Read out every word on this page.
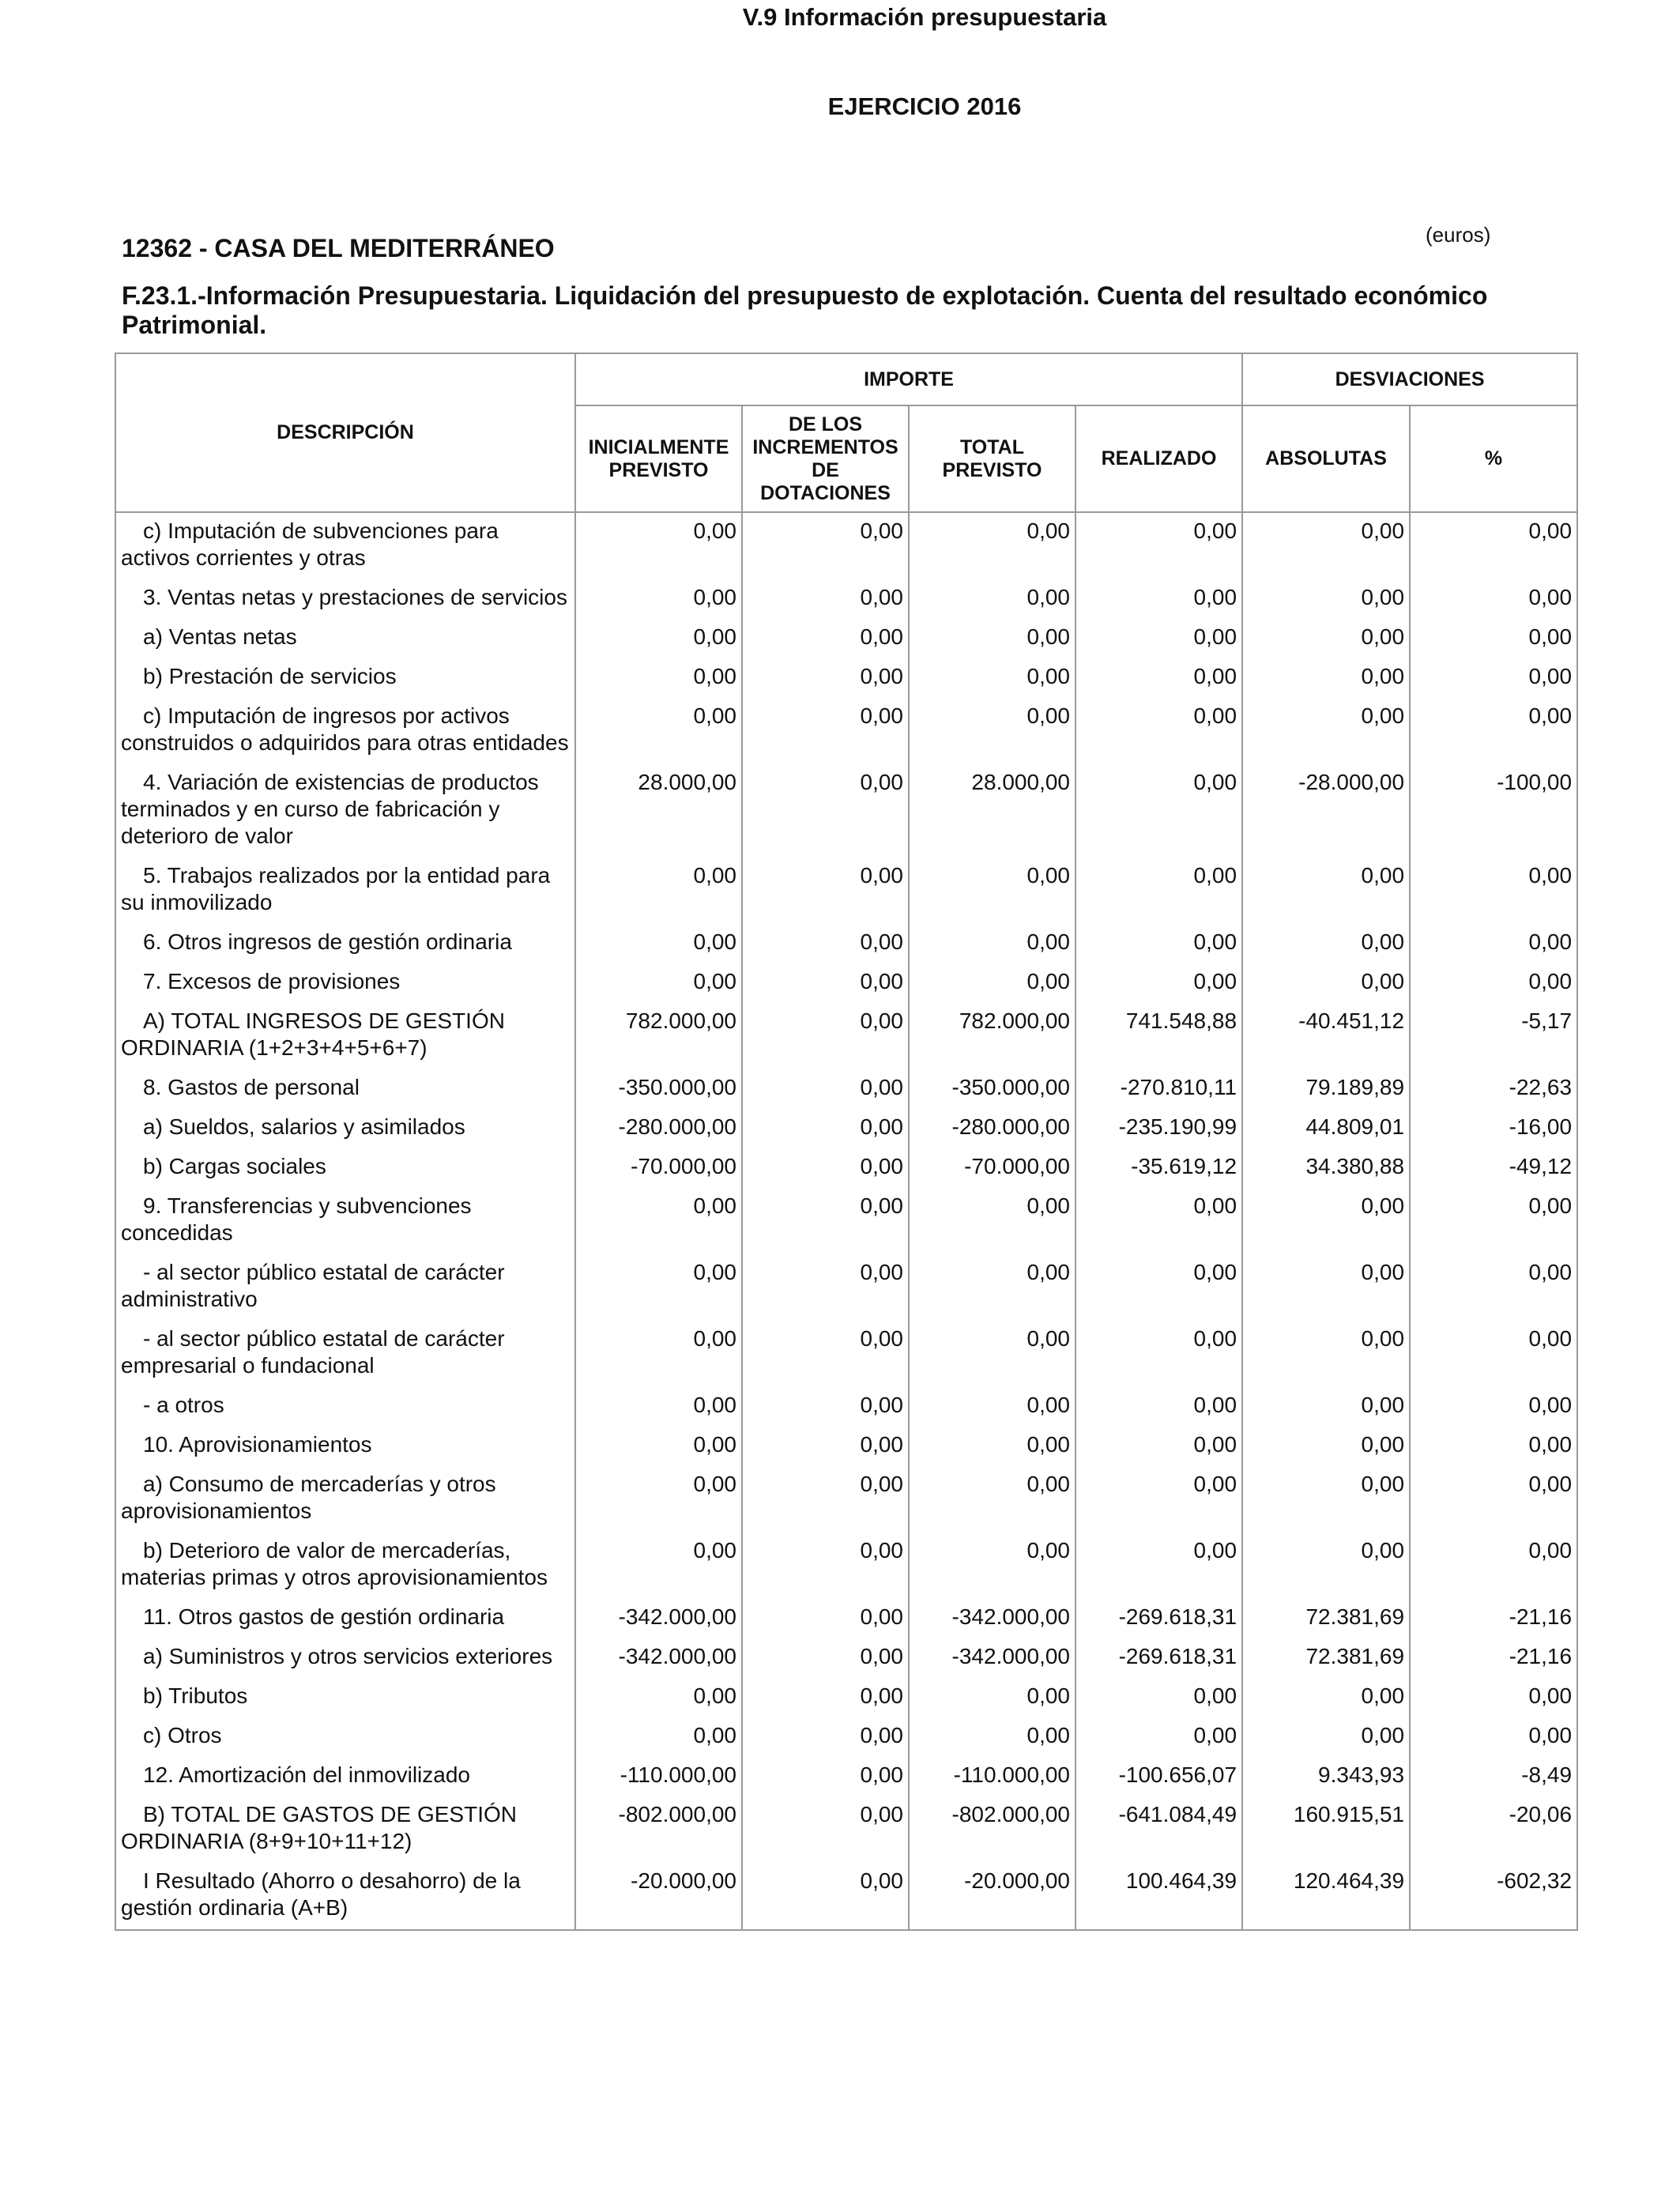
V.9 Información presupuestaria
EJERCICIO 2016
(euros)
12362 - CASA DEL MEDITERRÁNEO
F.23.1.-Información Presupuestaria. Liquidación del presupuesto de explotación. Cuenta del resultado económico Patrimonial.
DESCRIPCIÓN	IMPORTE				DESVIACIONES	
	INICIALMENTE PREVISTO	DE LOS INCREMENTOS DE DOTACIONES	TOTAL PREVISTO	REALIZADO	ABSOLUTAS	%
c) Imputación de subvenciones para activos corrientes y otras	0,00	0,00	0,00	0,00	0,00	0,00
3. Ventas netas y prestaciones de servicios	0,00	0,00	0,00	0,00	0,00	0,00
a) Ventas netas	0,00	0,00	0,00	0,00	0,00	0,00
b) Prestación de servicios	0,00	0,00	0,00	0,00	0,00	0,00
c) Imputación de ingresos por activos construidos o adquiridos para otras entidades	0,00	0,00	0,00	0,00	0,00	0,00
4. Variación de existencias de productos terminados y en curso de fabricación y deterioro de valor	28.000,00	0,00	28.000,00	0,00	-28.000,00	-100,00
5. Trabajos realizados por la entidad para su inmovilizado	0,00	0,00	0,00	0,00	0,00	0,00
6. Otros ingresos de gestión ordinaria	0,00	0,00	0,00	0,00	0,00	0,00
7. Excesos de provisiones	0,00	0,00	0,00	0,00	0,00	0,00
A) TOTAL INGRESOS DE GESTIÓN ORDINARIA (1+2+3+4+5+6+7)	782.000,00	0,00	782.000,00	741.548,88	-40.451,12	-5,17
8. Gastos de personal	-350.000,00	0,00	-350.000,00	-270.810,11	79.189,89	-22,63
a) Sueldos, salarios y asimilados	-280.000,00	0,00	-280.000,00	-235.190,99	44.809,01	-16,00
b) Cargas sociales	-70.000,00	0,00	-70.000,00	-35.619,12	34.380,88	-49,12
9. Transferencias y subvenciones concedidas	0,00	0,00	0,00	0,00	0,00	0,00
- al sector público estatal de carácter administrativo	0,00	0,00	0,00	0,00	0,00	0,00
- al sector público estatal de carácter empresarial o fundacional	0,00	0,00	0,00	0,00	0,00	0,00
- a otros	0,00	0,00	0,00	0,00	0,00	0,00
10. Aprovisionamientos	0,00	0,00	0,00	0,00	0,00	0,00
a) Consumo de mercaderías y otros aprovisionamientos	0,00	0,00	0,00	0,00	0,00	0,00
b) Deterioro de valor de mercaderías, materias primas y otros aprovisionamientos	0,00	0,00	0,00	0,00	0,00	0,00
11. Otros gastos de gestión ordinaria	-342.000,00	0,00	-342.000,00	-269.618,31	72.381,69	-21,16
a) Suministros y otros servicios exteriores	-342.000,00	0,00	-342.000,00	-269.618,31	72.381,69	-21,16
b) Tributos	0,00	0,00	0,00	0,00	0,00	0,00
c) Otros	0,00	0,00	0,00	0,00	0,00	0,00
12. Amortización del inmovilizado	-110.000,00	0,00	-110.000,00	-100.656,07	9.343,93	-8,49
B) TOTAL DE GASTOS DE GESTIÓN ORDINARIA (8+9+10+11+12)	-802.000,00	0,00	-802.000,00	-641.084,49	160.915,51	-20,06
I Resultado (Ahorro o desahorro) de la gestión ordinaria (A+B)	-20.000,00	0,00	-20.000,00	100.464,39	120.464,39	-602,32
